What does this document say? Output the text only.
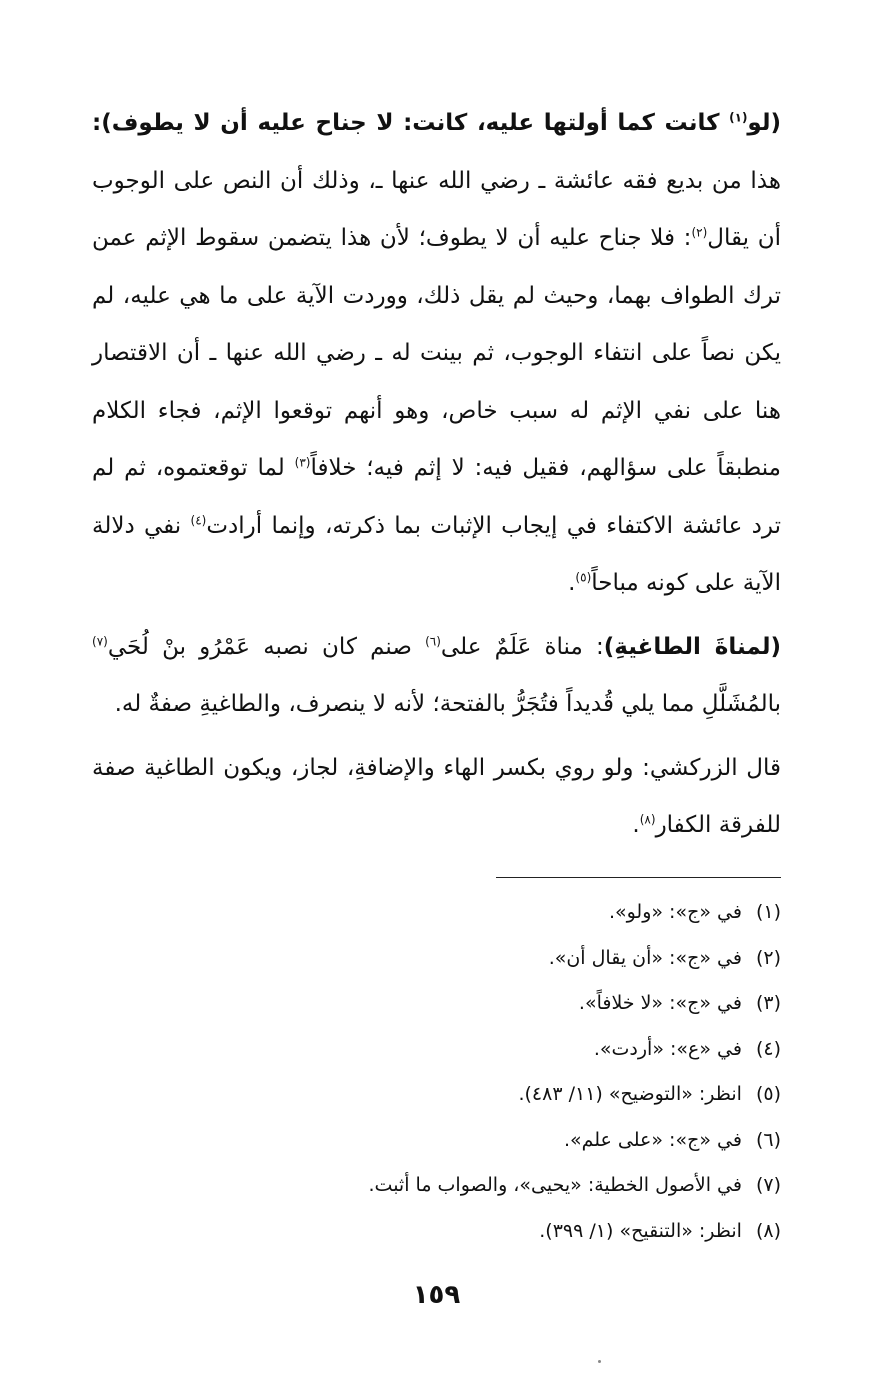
(لو$^{(١)}$ كانت كما أولتها عليه، كانت: لا جناح عليه أن لا يطوف): هذا من بديع فقه عائشة ـ رضي الله عنها ـ، وذلك أن النص على الوجوب أن يقال$^{(٢)}$: فلا جناح عليه أن لا يطوف؛ لأن هذا يتضمن سقوط الإثم عمن ترك الطواف بهما، وحيث لم يقل ذلك، ووردت الآية على ما هي عليه، لم يكن نصاً على انتفاء الوجوب، ثم بينت له ـ رضي الله عنها ـ أن الاقتصار هنا على نفي الإثم له سبب خاص، وهو أنهم توقعوا الإثم، فجاء الكلام منطبقاً على سؤالهم، فقيل فيه: لا إثم فيه؛ خلافاً$^{(٣)}$ لما توقعتموه، ثم لم ترد عائشة الاكتفاء في إيجاب الإثبات بما ذكرته، وإنما أرادت$^{(٤)}$ نفي دلالة الآية على كونه مباحاً$^{(٥)}$.

(لمناةَ الطاغيةِ): مناة عَلَمٌ على$^{(٦)}$ صنم كان نصبه عَمْرُو بنْ لُحَي$^{(٧)}$ بالمُشَلَّلِ مما يلي قُديداً فتُجَرُّ بالفتحة؛ لأنه لا ينصرف، والطاغيةِ صفةٌ له.

قال الزركشي: ولو روي بكسر الهاء والإضافةِ، لجاز، ويكون الطاغية صفة للفرقة الكفار$^{(٨)}$.

(١)في «ج»: «ولو».
(٢)في «ج»: «أن يقال أن».
(٣)في «ج»: «لا خلافاً».
(٤)في «ع»: «أردت».
(٥)انظر: «التوضيح» (١١/ ٤٨٣).
(٦)في «ج»: «على علم».
(٧)في الأصول الخطية: «يحيى»، والصواب ما أثبت.
(٨)انظر: «التنقيح» (١/ ٣٩٩).
١٥٩
